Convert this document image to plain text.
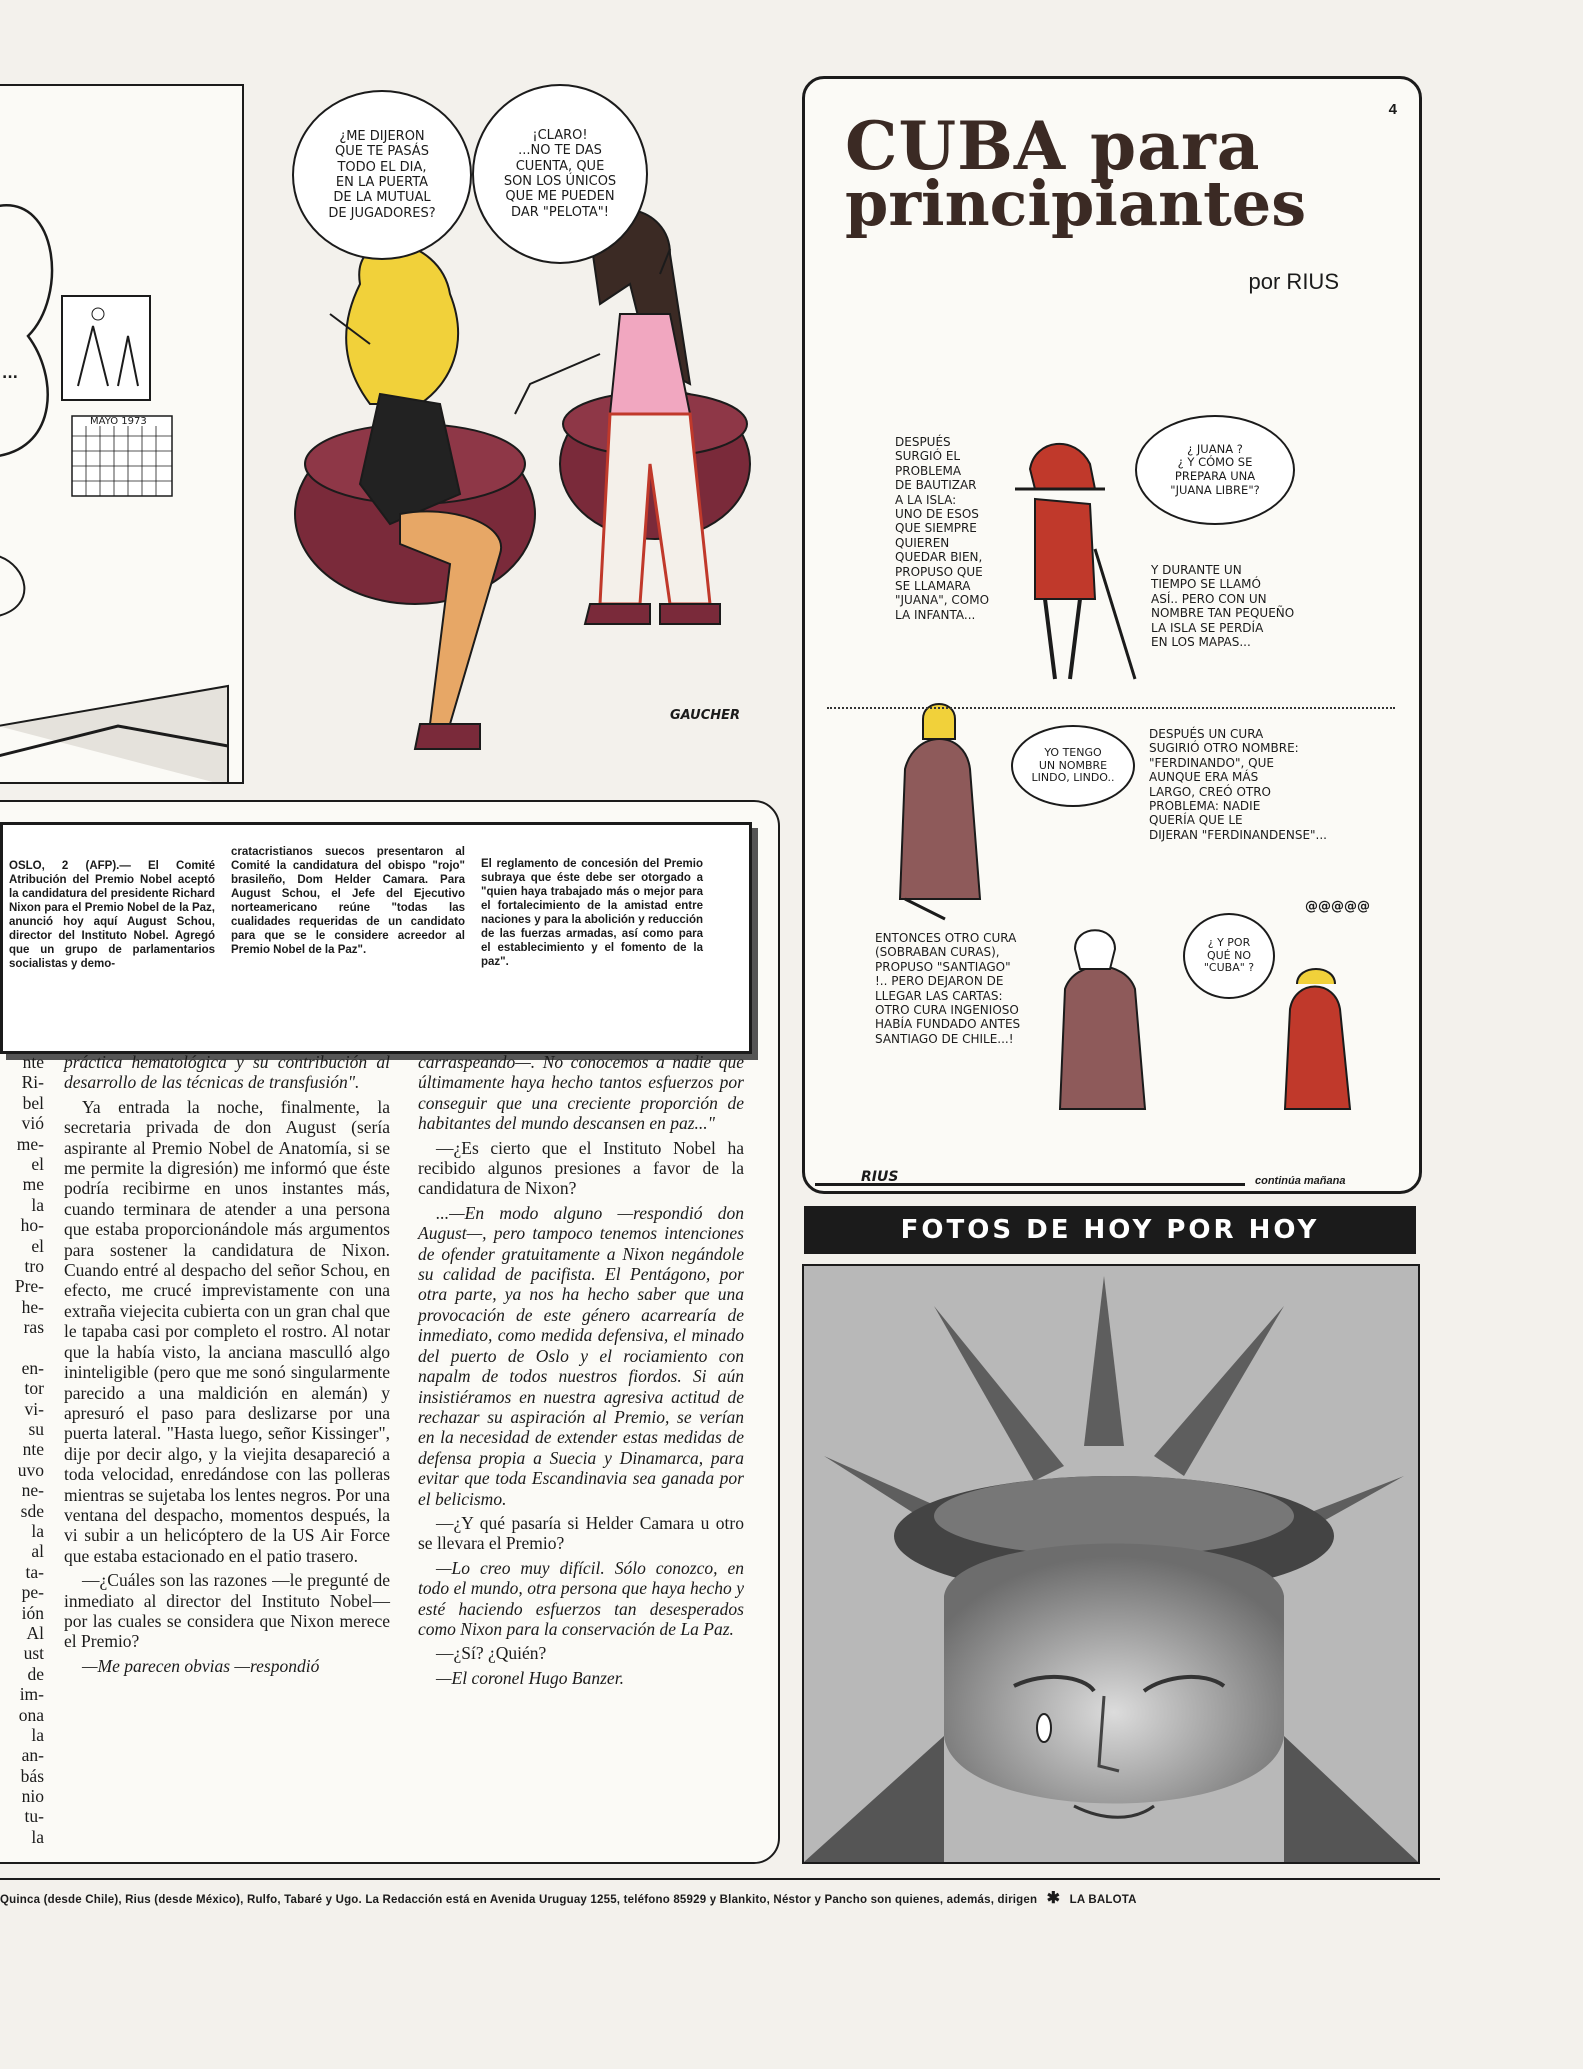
MAYO 1973
...
¿ME DIJERON
QUE TE PASÁS
TODO EL DIA,
EN LA PUERTA
DE LA MUTUAL
DE JUGADORES?
¡CLARO!
...NO TE DAS
CUENTA, QUE
SON LOS ÚNICOS
QUE ME PUEDEN
DAR "PELOTA"!
GAUCHER
OSLO, 2 (AFP).— El Comité Atribución del Premio Nobel aceptó la candidatura del presidente Richard Nixon para el Premio Nobel de la Paz, anunció hoy aquí August Schou, director del Instituto Nobel. Agregó que un grupo de parlamentarios socialistas y demo-
cratacristianos suecos presentaron al Comité la candidatura del obispo "rojo" brasileño, Dom Helder Camara. Para August Schou, el Jefe del Ejecutivo norteamericano reúne "todas las cualidades requeridas de un candidato para que se le considere acreedor al Premio Nobel de la Paz".
El reglamento de concesión del Premio subraya que éste debe ser otorgado a "quien haya trabajado más o mejor para el fortalecimiento de la amistad entre naciones y para la abolición y reducción de las fuerzas armadas, así como para el establecimiento y el fomento de la paz".
nte
Ri-
bel
vió
me-
el
me
la
ho-
el
tro
Pre-
he-
ras
en-
tor
vi-
su
nte
uvo
ne-
sde
la
al
ta-
pe-
ión
Al
ust
de
im-
ona
la
an-
bás
nio
tu-
la

práctica hematológica y su contribución al desarrollo de las técnicas de transfusión".

Ya entrada la noche, finalmente, la secretaria privada de don August (sería aspirante al Premio Nobel de Anatomía, si se me permite la digresión) me informó que éste podría recibirme en unos instantes más, cuando terminara de atender a una persona que estaba proporcionándole más argumentos para sostener la candidatura de Nixon. Cuando entré al despacho del señor Schou, en efecto, me crucé imprevistamente con una extraña viejecita cubierta con un gran chal que le tapaba casi por completo el rostro. Al notar que la había visto, la anciana masculló algo ininteligible (pero que me sonó singularmente parecido a una maldición en alemán) y apresuró el paso para deslizarse por una puerta lateral. "Hasta luego, señor Kissinger", dije por decir algo, y la viejita desapareció a toda velocidad, enredándose con las polleras mientras se sujetaba los lentes negros. Por una ventana del despacho, momentos después, la vi subir a un helicóptero de la US Air Force que estaba estacionado en el patio trasero.

—¿Cuáles son las razones —le pregunté de inmediato al director del Instituto Nobel— por las cuales se considera que Nixon merece el Premio?

—Me parecen obvias —respondió

carraspeando—. No conocemos a nadie que últimamente haya hecho tantos esfuerzos por conseguir que una creciente proporción de habitantes del mundo descansen en paz..."

—¿Es cierto que el Instituto Nobel ha recibido algunos presiones a favor de la candidatura de Nixon?

...—En modo alguno —respondió don August—, pero tampoco tenemos intenciones de ofender gratuitamente a Nixon negándole su calidad de pacifista. El Pentágono, por otra parte, ya nos ha hecho saber que una provocación de este género acarrearía de inmediato, como medida defensiva, el minado del puerto de Oslo y el rociamiento con napalm de todos nuestros fiordos. Si aún insistiéramos en nuestra agresiva actitud de rechazar su aspiración al Premio, se verían en la necesidad de extender estas medidas de defensa propia a Suecia y Dinamarca, para evitar que toda Escandinavia sea ganada por el belicismo.

—¿Y qué pasaría si Helder Camara u otro se llevara el Premio?

—Lo creo muy difícil. Sólo conozco, en todo el mundo, otra persona que haya hecho y esté haciendo esfuerzos tan desesperados como Nixon para la conservación de La Paz.

—¿Sí? ¿Quién?

—El coronel Hugo Banzer.

4
CUBA para
principiantes
por RIUS
DESPUÉS
SURGIÓ EL
PROBLEMA
DE BAUTIZAR
A LA ISLA:
UNO DE ESOS
QUE SIEMPRE
QUIEREN
QUEDAR BIEN,
PROPUSO QUE
SE LLAMARA
"JUANA", COMO
LA INFANTA...
¿ JUANA ?
¿ Y CÓMO SE
PREPARA UNA
"JUANA LIBRE"?
Y DURANTE UN
TIEMPO SE LLAMÓ
ASÍ.. PERO CON UN
NOMBRE TAN PEQUEÑO
LA ISLA SE PERDÍA
EN LOS MAPAS...
YO TENGO
UN NOMBRE
LINDO, LINDO..
DESPUÉS UN CURA
SUGIRIÓ OTRO NOMBRE:
"FERDINANDO", QUE
AUNQUE ERA MÁS
LARGO, CREÓ OTRO
PROBLEMA: NADIE
QUERÍA QUE LE
DIJERAN "FERDINANDENSE"...
ENTONCES OTRO CURA
(SOBRABAN CURAS),
PROPUSO "SANTIAGO"
!.. PERO DEJARON DE
LLEGAR LAS CARTAS:
OTRO CURA INGENIOSO
HABÍA FUNDADO ANTES
SANTIAGO DE CHILE...!
¿ Y POR
QUÉ NO
"CUBA" ?
@@@@@
RIUS	continúa mañana
FOTOS DE HOY POR HOY
Quinca (desde Chile), Rius (desde México), Rulfo, Tabaré y Ugo. La Redacción está en Avenida Uruguay 1255, teléfono 85929 y Blankito, Néstor y Pancho son quienes, además, dirigen ✱ LA BALOTA
